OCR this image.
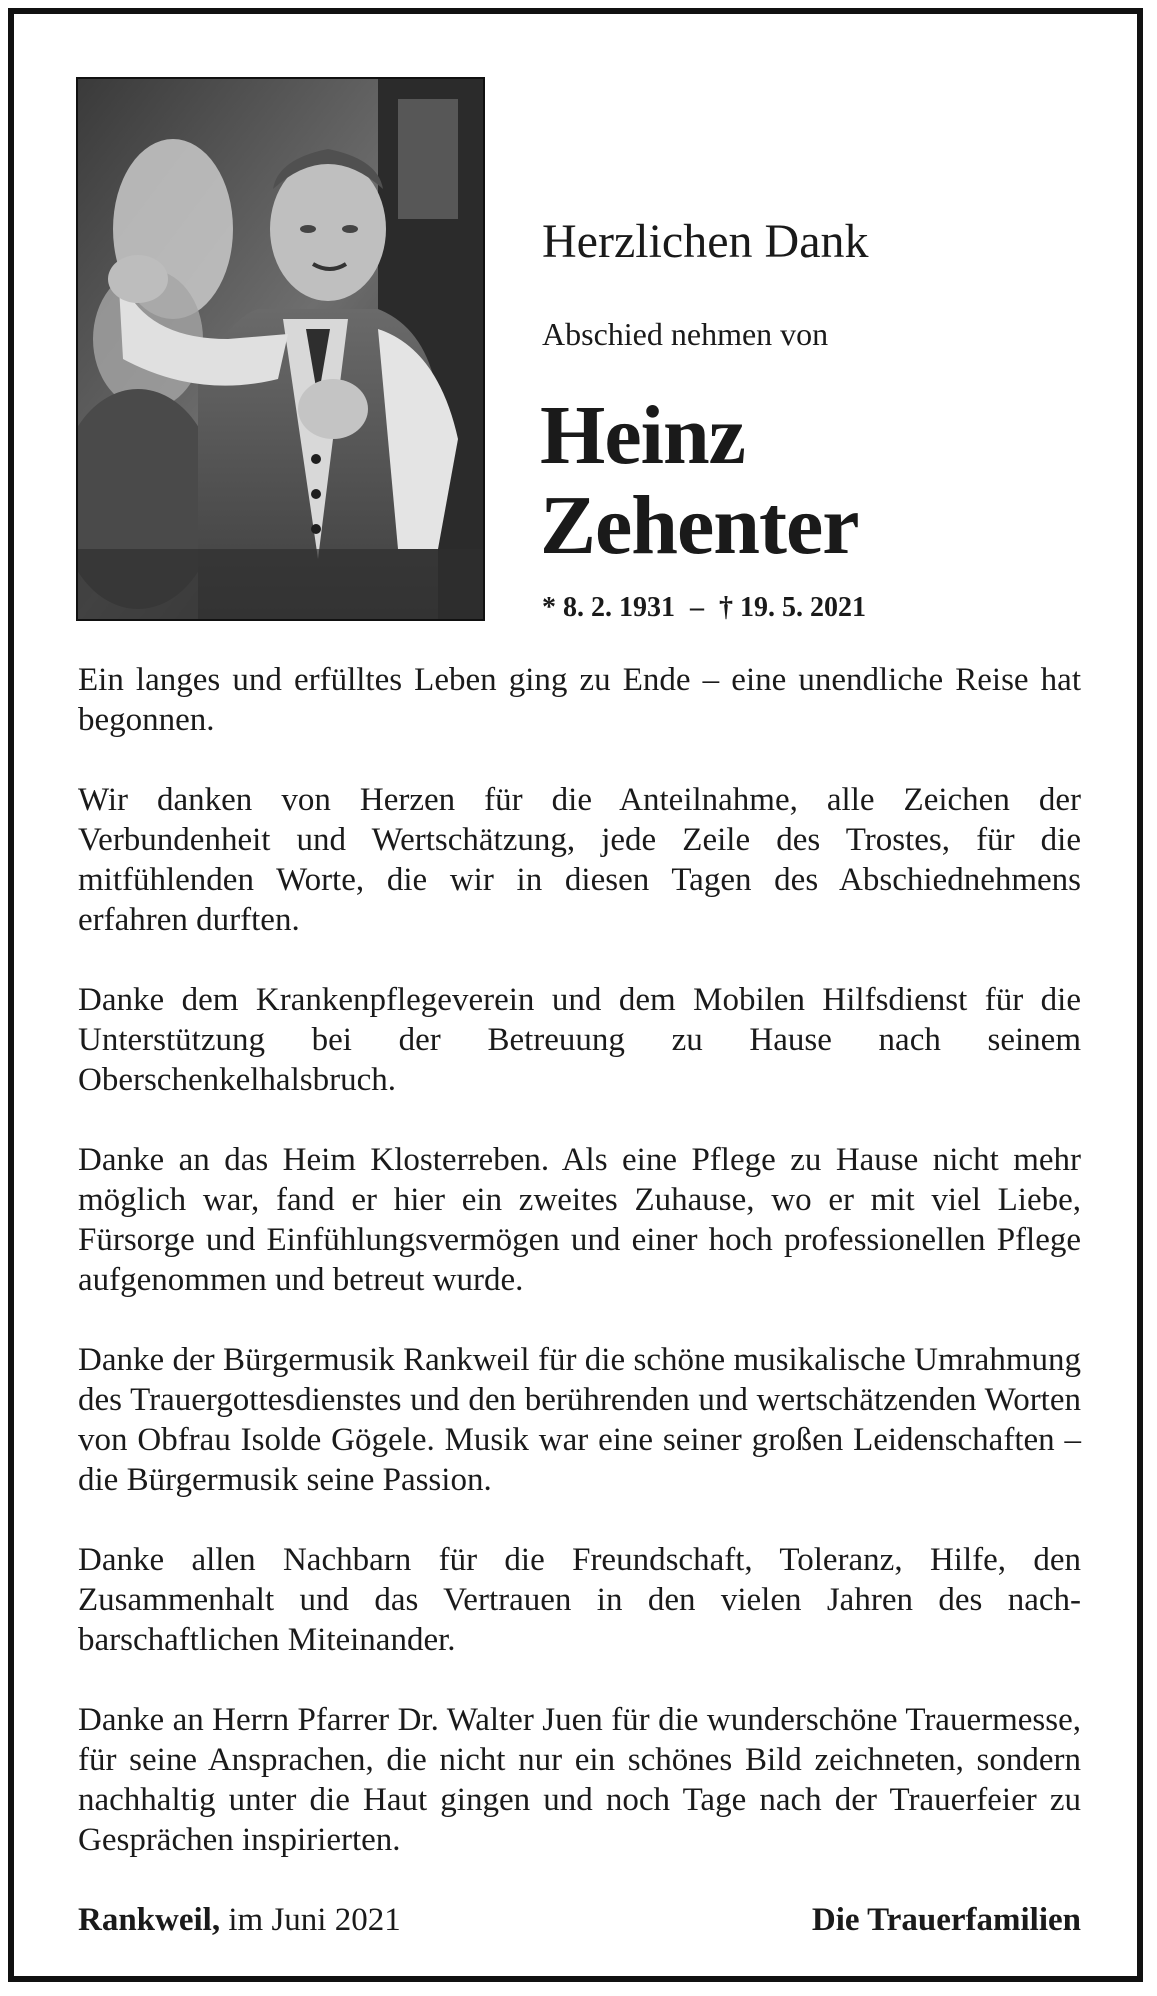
Herzlichen Dank
Abschied nehmen von
Heinz
Zehenter
* 8. 2. 1931 – † 19. 5. 2021

Ein langes und erfülltes Leben ging zu Ende – eine unendliche Reise hat begonnen.

Wir danken von Herzen für die Anteilnahme, alle Zeichen der Verbundenheit und Wertschätzung, jede Zeile des Trostes, für die mitfühlenden Worte, die wir in diesen Tagen des Abschiednehmens erfahren durften.

Danke dem Krankenpflegeverein und dem Mobilen Hilfsdienst für die Unterstützung bei der Betreuung zu Hause nach seinem Oberschenkelhalsbruch.

Danke an das Heim Klosterreben. Als eine Pflege zu Hause nicht mehr möglich war, fand er hier ein zweites Zuhause, wo er mit viel Liebe, Fürsorge und Einfühlungsvermögen und einer hoch professionellen Pflege aufgenommen und betreut wurde.

Danke der Bürgermusik Rankweil für die schöne musikalische Umrahmung des Trauergottesdienstes und den berührenden und wertschätzenden Worten von Obfrau Isolde Gögele. Musik war eine seiner großen Leidenschaften – die Bürgermusik seine Passion.

Danke allen Nachbarn für die Freundschaft, Toleranz, Hilfe, den Zusammenhalt und das Vertrauen in den vielen Jahren des nachbarschaftlichen Miteinander.

Danke an Herrn Pfarrer Dr. Walter Juen für die wunderschöne Trauermesse, für seine Ansprachen, die nicht nur ein schönes Bild zeichneten, sondern nachhaltig unter die Haut gingen und noch Tage nach der Trauerfeier zu Gesprächen inspirierten.

Rankweil, im Juni 2021	Die Trauerfamilien
